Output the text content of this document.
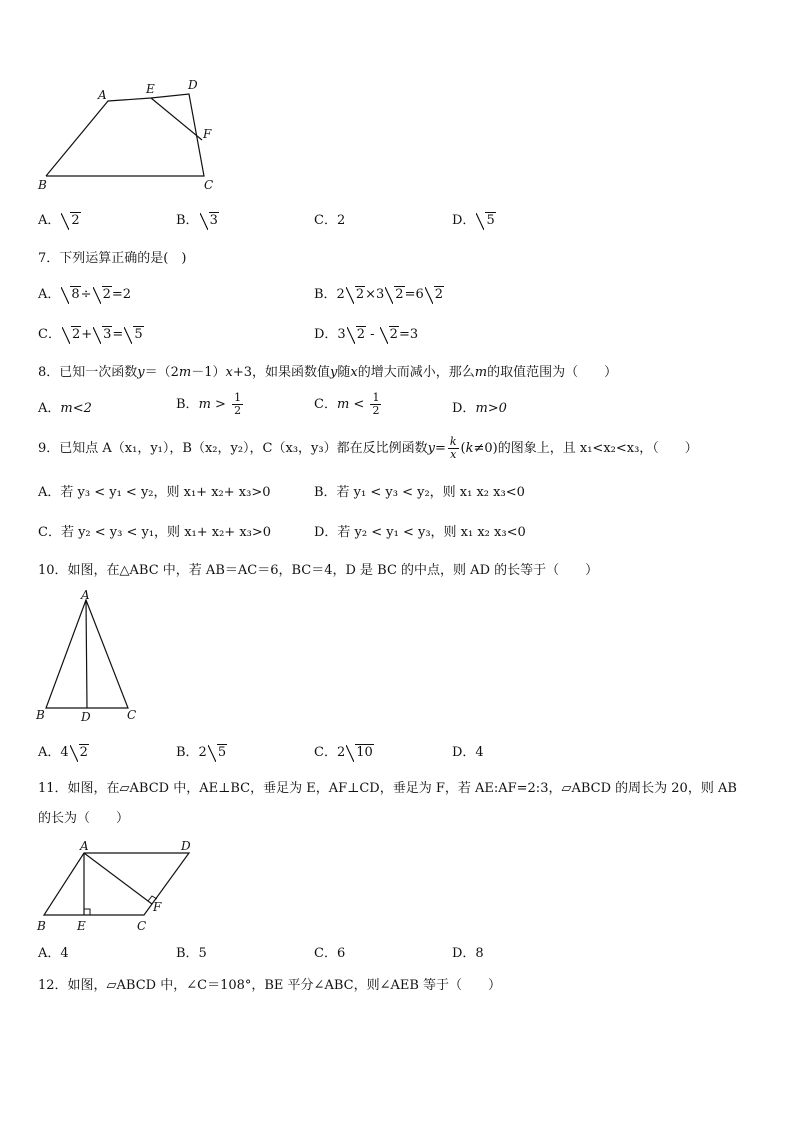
A	E	D
F
B	C
A． 2	B． 3	C．2	D． 5
7．下列运算正确的是(　)
A． 8÷ 2=2	B．2 2×3 2=6 2
C． 2+ 3= 5	D．3 2 - 2=3
8．已知一次函数y＝（2m－1）x+3，如果函数值y随x的增大而减小，那么m的取值范围为（　　）
A．m<2	B．$m > \frac{1}{2}$	C．$m < \frac{1}{2}$	D．m>0
9．已知点 A（x₁，y₁），B（x₂，y₂），C（x₃，y₃）都在反比例函数$y= \frac{k}{x} (k\ne 0)$的图象上，且 x₁<x₂<x₃，（　　）
A．若 y₃ < y₁ < y₂，则 x₁+ x₂+ x₃>0	B．若 y₁ < y₃ < y₂，则 x₁ x₂ x₃<0
C．若 y₂ < y₃ < y₁，则 x₁+ x₂+ x₃>0	D．若 y₂ < y₁ < y₃，则 x₁ x₂ x₃<0
10．如图，在△ABC 中，若 AB＝AC＝6，BC＝4，D 是 BC 的中点，则 AD 的长等于（　　）
A
B	D	C
A．4 2	B．2 5	C．2 10	D．4
11．如图，在▱ABCD 中，AE⊥BC，垂足为 E，AF⊥CD，垂足为 F，若 AE:AF=2:3，▱ABCD 的周长为 20，则 AB
的长为（　　）
A	D
B	E	C
F
A．4	B．5	C．6	D．8
12．如图，▱ABCD 中，∠C＝108°，BE 平分∠ABC，则∠AEB 等于（　　）
